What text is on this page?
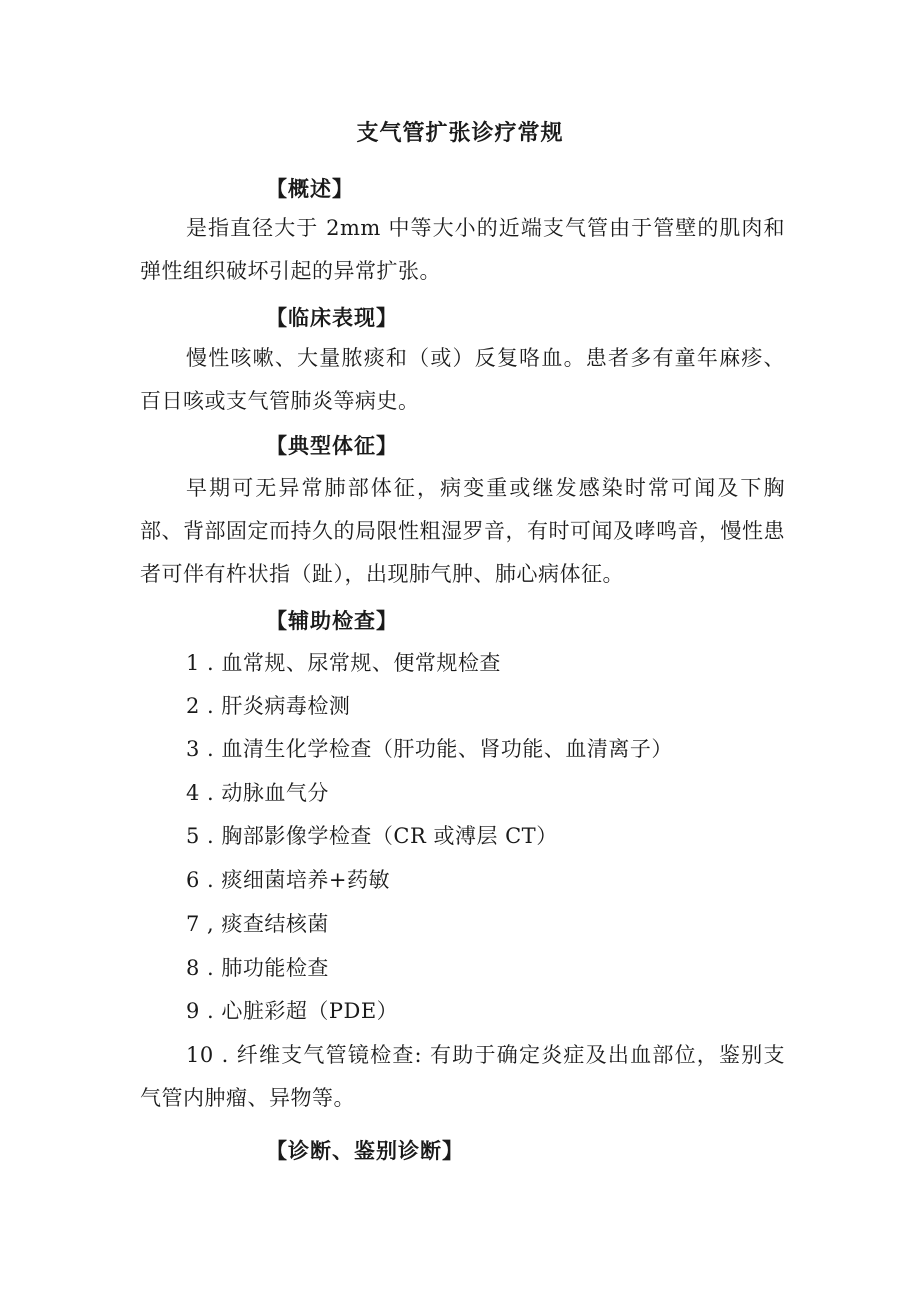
支气管扩张诊疗常规
【概述】
是指直径大于 2mm 中等大小的近端支气管由于管壁的肌肉和弹性组织破坏引起的异常扩张。
【临床表现】
慢性咳嗽、大量脓痰和（或）反复咯血。患者多有童年麻疹、百日咳或支气管肺炎等病史。
【典型体征】
早期可无异常肺部体征，病变重或继发感染时常可闻及下胸部、背部固定而持久的局限性粗湿罗音，有时可闻及哮鸣音，慢性患者可伴有杵状指（趾），出现肺气肿、肺心病体征。
【辅助检查】
1 . 血常规、尿常规、便常规检查
2 . 肝炎病毒检测
3 . 血清生化学检查（肝功能、肾功能、血清离子）
4 . 动脉血气分
5 . 胸部影像学检查（CR 或溥层 CT）
6 . 痰细菌培养+药敏
7 , 痰查结核菌
8 . 肺功能检查
9 . 心脏彩超（PDE）
10 . 纤维支气管镜检查: 有助于确定炎症及出血部位，鉴别支气管内肿瘤、异物等。
【诊断、鉴别诊断】
